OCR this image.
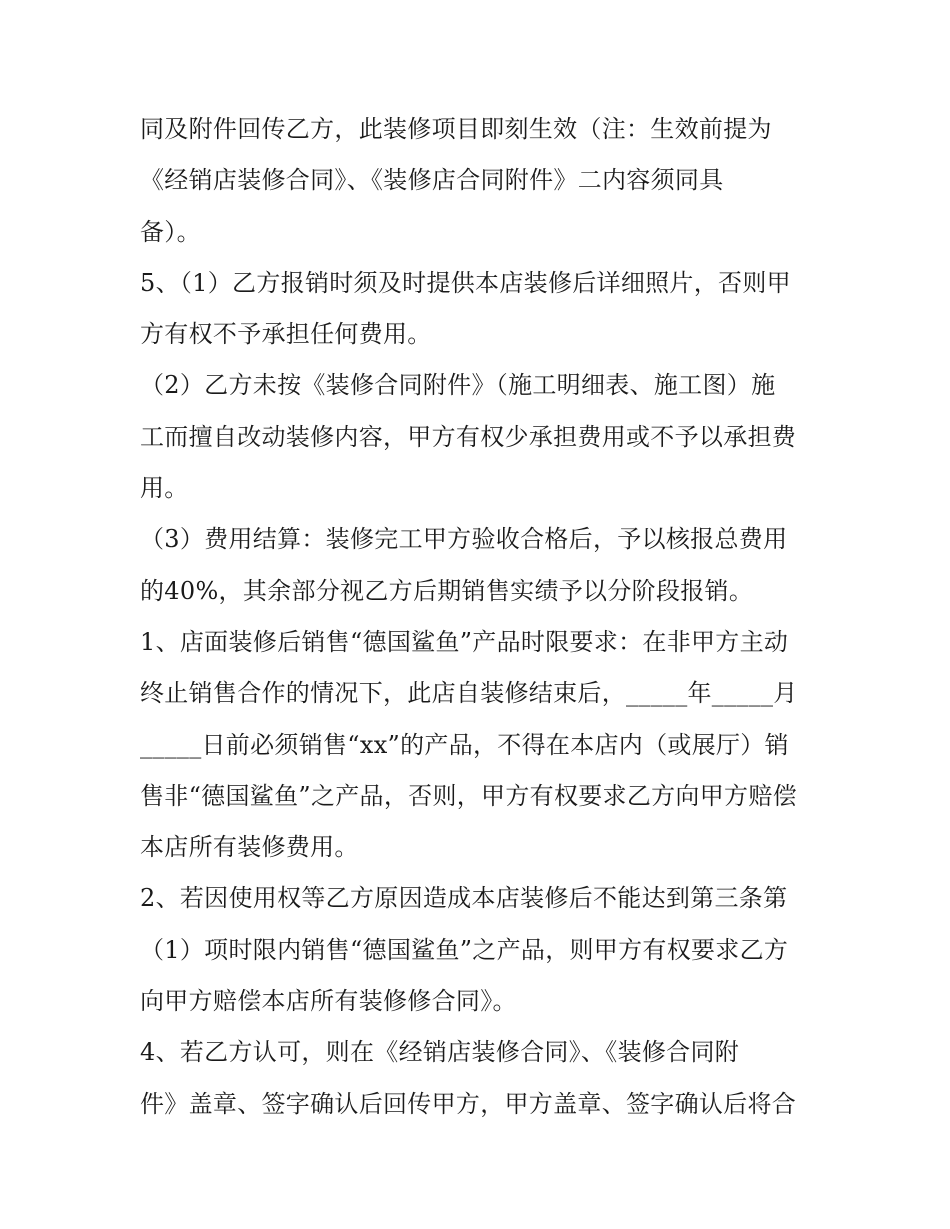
同及附件回传乙方，此装修项目即刻生效（注：生效前提为
《经销店装修合同》、《装修店合同附件》二内容须同具
备）。
5、（1）乙方报销时须及时提供本店装修后详细照片，否则甲
方有权不予承担任何费用。
（2）乙方未按《装修合同附件》（施工明细表、施工图）施
工而擅自改动装修内容，甲方有权少承担费用或不予以承担费
用。
（3）费用结算：装修完工甲方验收合格后，予以核报总费用
的40%，其余部分视乙方后期销售实绩予以分阶段报销。
1、店面装修后销售“德国鲨鱼”产品时限要求：在非甲方主动
终止销售合作的情况下，此店自装修结束后，_____年_____月
_____日前必须销售“xx”的产品，不得在本店内（或展厅）销
售非“德国鲨鱼”之产品，否则，甲方有权要求乙方向甲方赔偿
本店所有装修费用。
2、若因使用权等乙方原因造成本店装修后不能达到第三条第
（1）项时限内销售“德国鲨鱼”之产品，则甲方有权要求乙方
向甲方赔偿本店所有装修修合同》。
4、若乙方认可，则在《经销店装修合同》、《装修合同附
件》盖章、签字确认后回传甲方，甲方盖章、签字确认后将合
